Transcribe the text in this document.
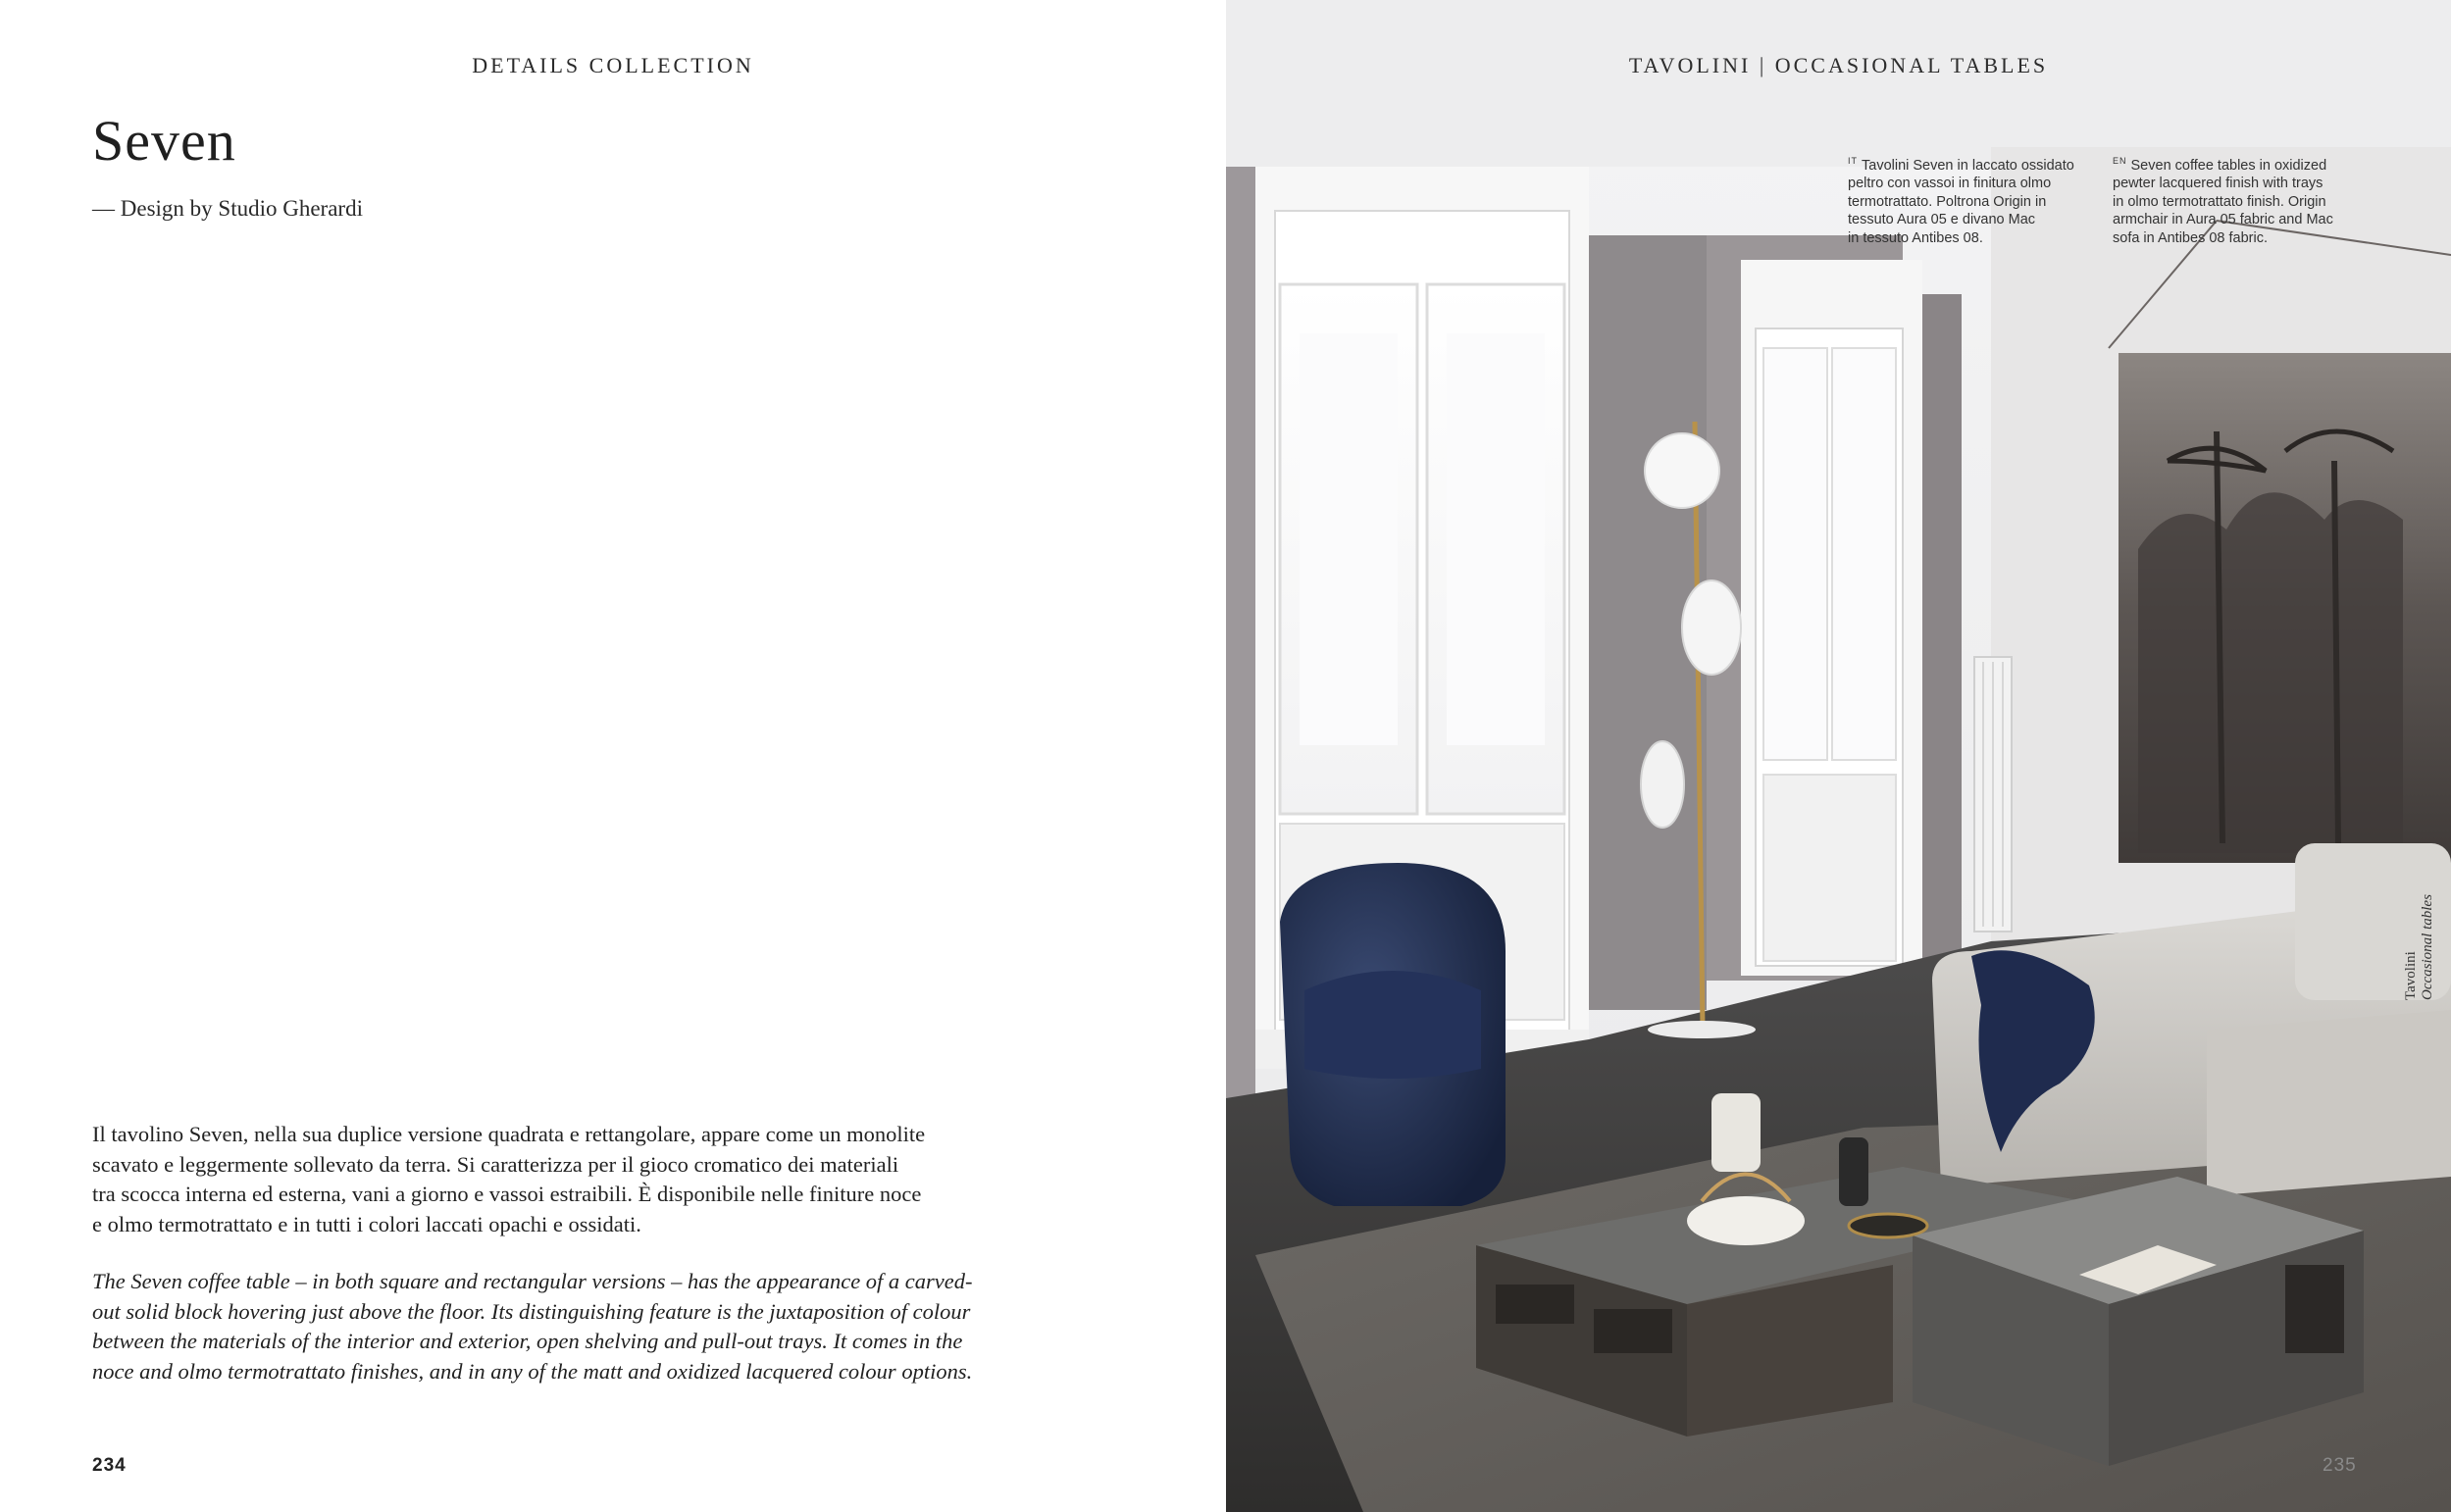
DETAILS COLLECTION
Seven
— Design by Studio Gherardi

Il tavolino Seven, nella sua duplice versione quadrata e rettangolare, appare come un monolite
scavato e leggermente sollevato da terra. Si caratterizza per il gioco cromatico dei materiali
tra scocca interna ed esterna, vani a giorno e vassoi estraibili. È disponibile nelle finiture noce
e olmo termotrattato e in tutti i colori laccati opachi e ossidati.

The Seven coffee table – in both square and rectangular versions – has the appearance of a carved-
out solid block hovering just above the floor. Its distinguishing feature is the juxtaposition of colour
between the materials of the interior and exterior, open shelving and pull-out trays. It comes in the
noce and olmo termotrattato finishes, and in any of the matt and oxidized lacquered colour options.

234
TAVOLINI | OCCASIONAL TABLES
$^{IT}$ Tavolini Seven in laccato ossidato
peltro con vassoi in finitura olmo
termotrattato. Poltrona Origin in
tessuto Aura 05 e divano Mac
in tessuto Antibes 08.
$^{EN}$ Seven coffee tables in oxidized
pewter lacquered finish with trays
in olmo termotrattato finish. Origin
armchair in Aura 05 fabric and Mac
sofa in Antibes 08 fabric.
Tavolini Occasional tables
235
